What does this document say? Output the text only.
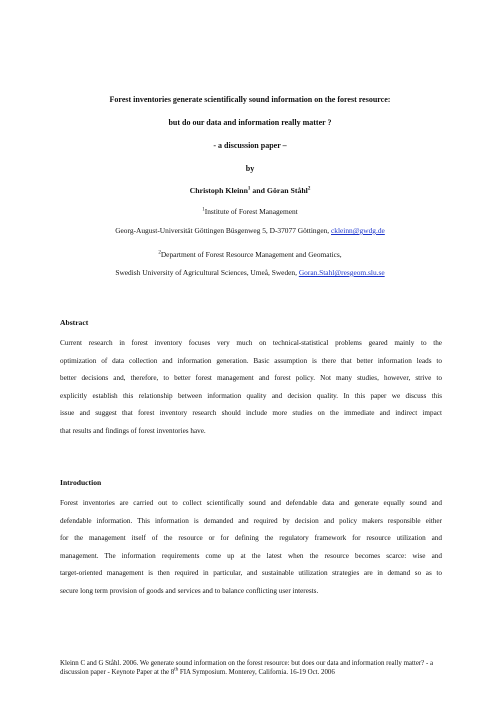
Forest inventories generate scientifically sound information on the forest resource:
but do our data and information really matter ?
- a discussion paper –
by
Christoph Kleinn$^1$ and Göran Ståhl$^2$
$^1$Institute of Forest Management
Georg-August-Universität Göttingen Büsgenweg 5, D-37077 Göttingen, ckleinn@gwdg.de
$^2$Department of Forest Resource Management and Geomatics,
Swedish University of Agricultural Sciences, Umeå, Sweden, Goran.Stahl@resgeom.slu.se
Abstract
Current research in forest inventory focuses very much on technical-statistical problems geared mainly to the
optimization of data collection and information generation. Basic assumption is there that better information leads to
better decisions and, therefore, to better forest management and forest policy. Not many studies, however, strive to
explicitly establish this relationship between information quality and decision quality. In this paper we discuss this
issue and suggest that forest inventory research should include more studies on the immediate and indirect impact
that results and findings of forest inventories have.
Introduction
Forest inventories are carried out to collect scientifically sound and defendable data and generate equally sound and
defendable information. This information is demanded and required by decision and policy makers responsible either
for the management itself of the resource or for defining the regulatory framework for resource utilization and
management. The information requirements come up at the latest when the resource becomes scarce: wise and
target-oriented management is then required in particular, and sustainable utilization strategies are in demand so as to
secure long term provision of goods and services and to balance conflicting user interests.
Kleinn C and G Ståhl. 2006. We generate sound information on the forest resource: but does our data and information really matter? - a discussion paper - Keynote Paper at the 8th FIA Symposium. Monterey, California. 16-19 Oct. 2006
